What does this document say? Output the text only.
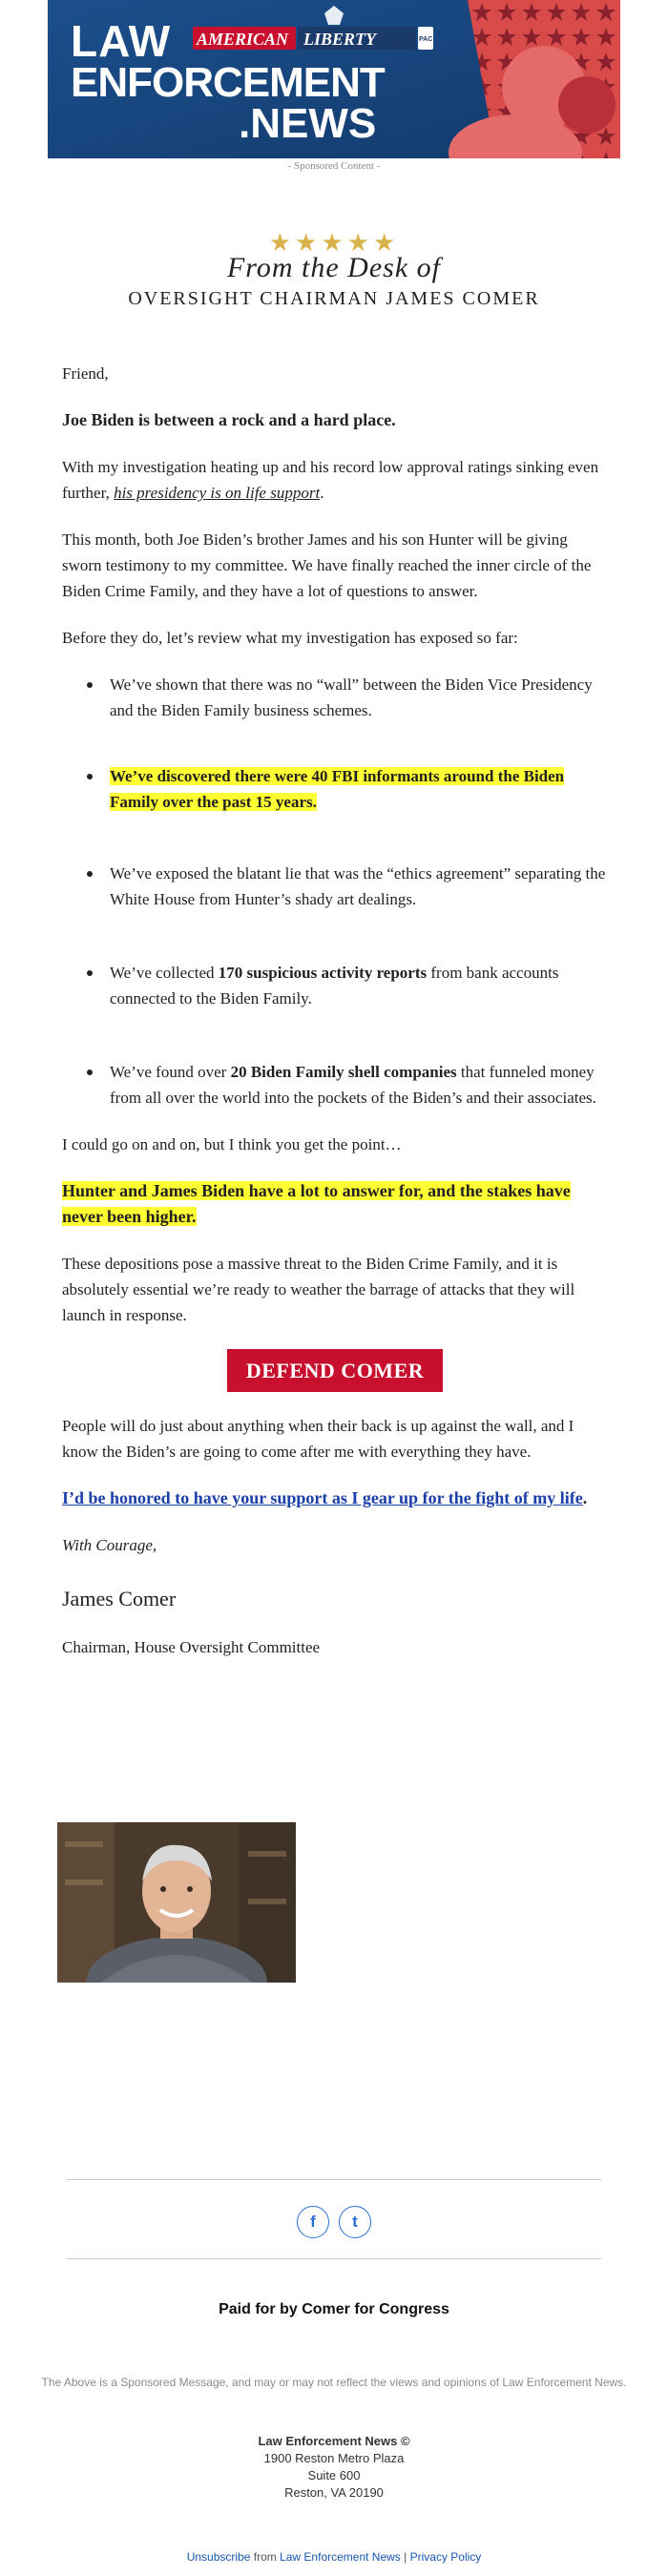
LAW AMERICAN LIBERTY	PAC
ENFORCEMENT
.NEWS
- Sponsored Content -
★★★★★
From the Desk of
OVERSIGHT CHAIRMAN JAMES COMER

Friend,

Joe Biden is between a rock and a hard place.

With my investigation heating up and his record low approval ratings sinking even further, his presidency is on life support.

This month, both Joe Biden’s brother James and his son Hunter will be giving sworn testimony to my committee. We have finally reached the inner circle of the Biden Crime Family, and they have a lot of questions to answer.

Before they do, let’s review what my investigation has exposed so far:

We’ve shown that there was no “wall” between the Biden Vice Presidency and the Biden Family business schemes.
We’ve discovered there were 40 FBI informants around the Biden Family over the past 15 years.
We’ve exposed the blatant lie that was the “ethics agreement” separating the White House from Hunter’s shady art dealings.
We’ve collected 170 suspicious activity reports from bank accounts connected to the Biden Family.
We’ve found over 20 Biden Family shell companies that funneled money from all over the world into the pockets of the Biden’s and their associates.

I could go on and on, but I think you get the point…

Hunter and James Biden have a lot to answer for, and the stakes have never been higher.

These depositions pose a massive threat to the Biden Crime Family, and it is absolutely essential we’re ready to weather the barrage of attacks that they will launch in response.

DEFEND COMER

People will do just about anything when their back is up against the wall, and I know the Biden’s are going to come after me with everything they have.

I’d be honored to have your support as I gear up for the fight of my life.

With Courage,

James Comer

Chairman, House Oversight Committee

f t
Paid for by Comer for Congress
The Above is a Sponsored Message, and may or may not reflect the views and opinions of Law Enforcement News.
Law Enforcement News ©
1900 Reston Metro Plaza
Suite 600
Reston, VA 20190
Unsubscribe from Law Enforcement News | Privacy Policy
